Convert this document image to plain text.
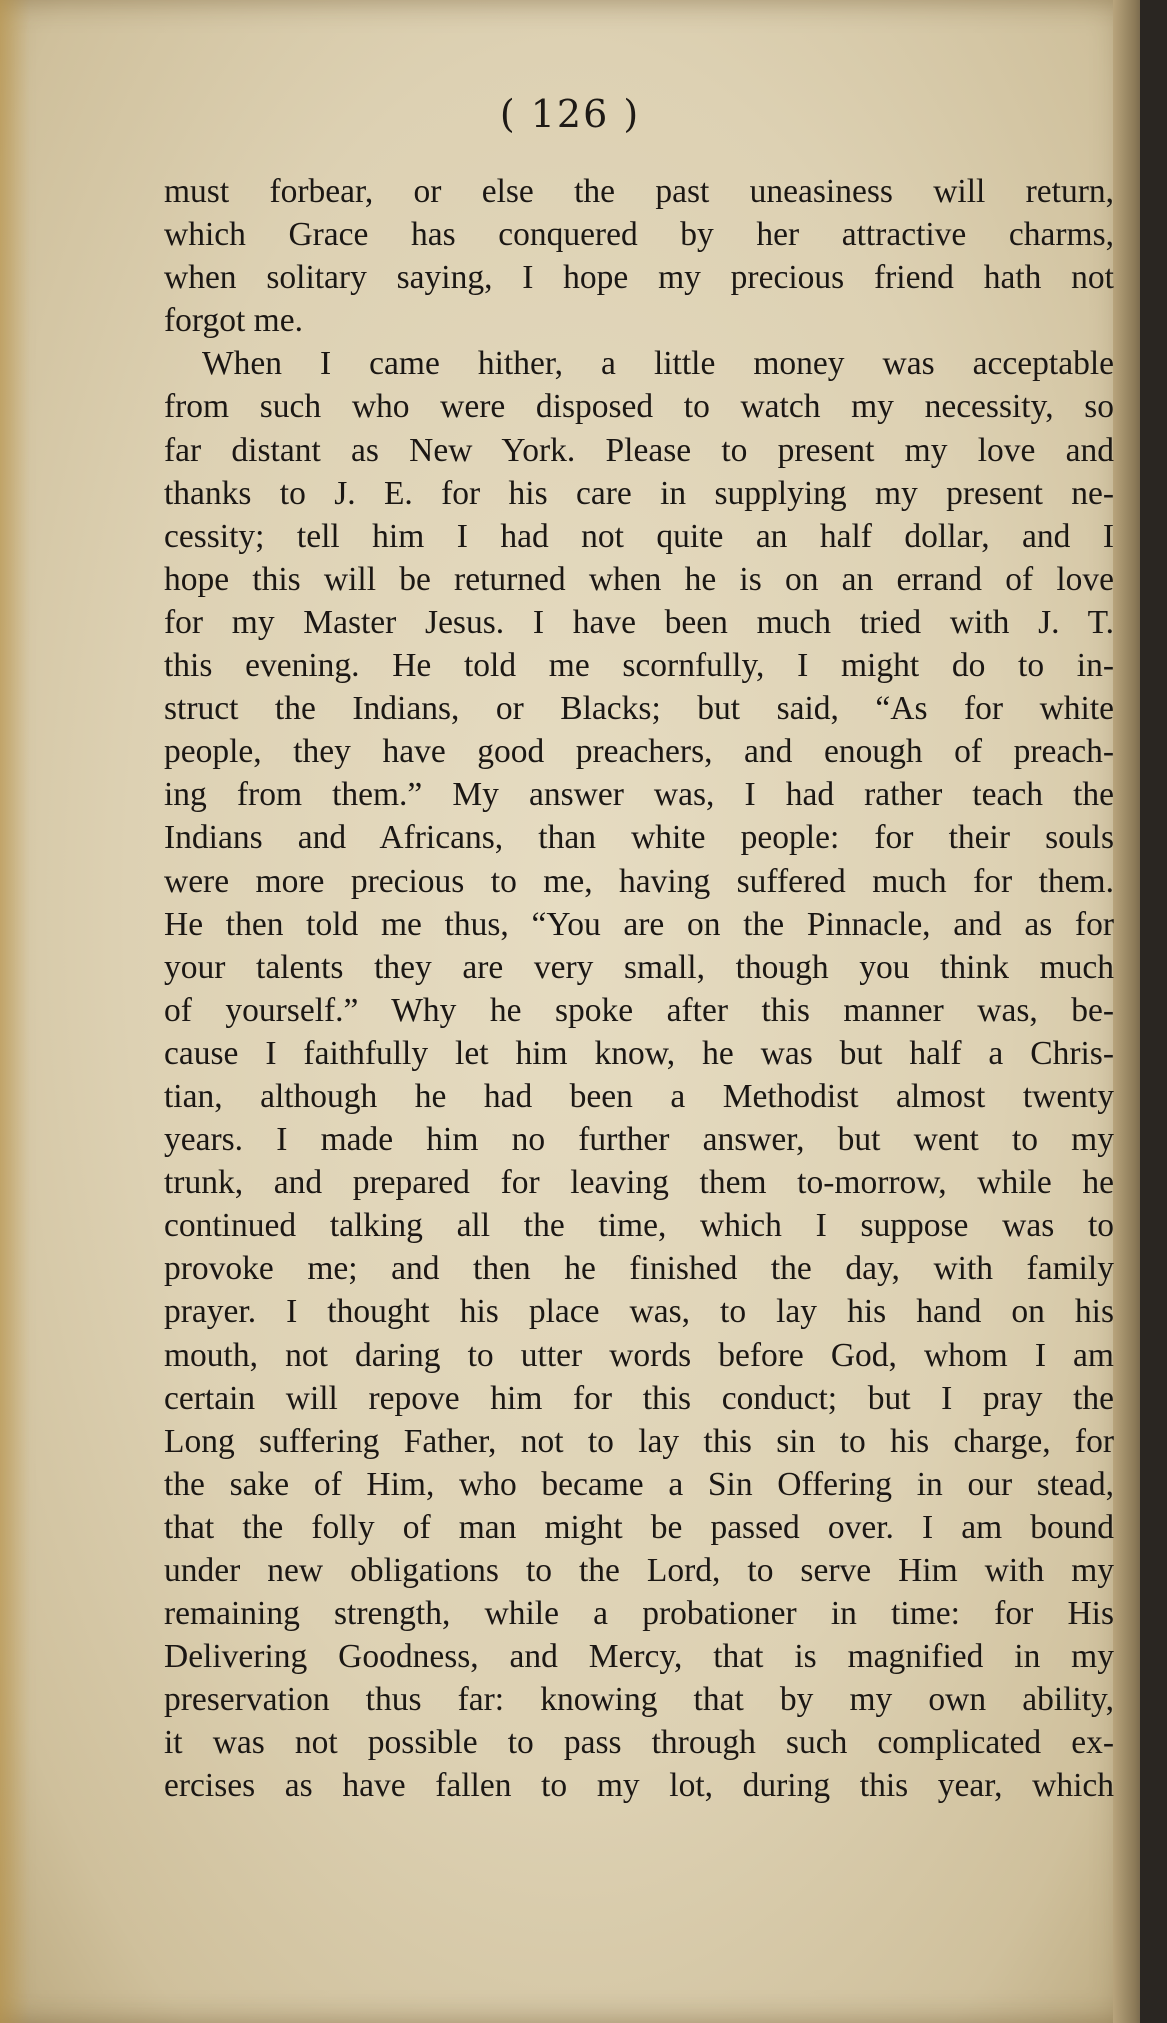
( 126 )
must forbear, or else the past uneasiness will return,
which Grace has conquered by her attractive charms,
when solitary saying, I hope my precious friend hath not
forgot me.
When I came hither, a little money was acceptable
from such who were disposed to watch my necessity, so
far distant as New York. Please to present my love and
thanks to J. E. for his care in supplying my present ne-
cessity; tell him I had not quite an half dollar, and I
hope this will be returned when he is on an errand of love
for my Master Jesus. I have been much tried with J. T.
this evening. He told me scornfully, I might do to in-
struct the Indians, or Blacks; but said, “As for white
people, they have good preachers, and enough of preach-
ing from them.” My answer was, I had rather teach the
Indians and Africans, than white people: for their souls
were more precious to me, having suffered much for them.
He then told me thus, “You are on the Pinnacle, and as for
your talents they are very small, though you think much
of yourself.” Why he spoke after this manner was, be-
cause I faithfully let him know, he was but half a Chris-
tian, although he had been a Methodist almost twenty
years. I made him no further answer, but went to my
trunk, and prepared for leaving them to-morrow, while he
continued talking all the time, which I suppose was to
provoke me; and then he finished the day, with family
prayer. I thought his place was, to lay his hand on his
mouth, not daring to utter words before God, whom I am
certain will repove him for this conduct; but I pray the
Long suffering Father, not to lay this sin to his charge, for
the sake of Him, who became a Sin Offering in our stead,
that the folly of man might be passed over. I am bound
under new obligations to the Lord, to serve Him with my
remaining strength, while a probationer in time: for His
Delivering Goodness, and Mercy, that is magnified in my
preservation thus far: knowing that by my own ability,
it was not possible to pass through such complicated ex-
ercises as have fallen to my lot, during this year, which
